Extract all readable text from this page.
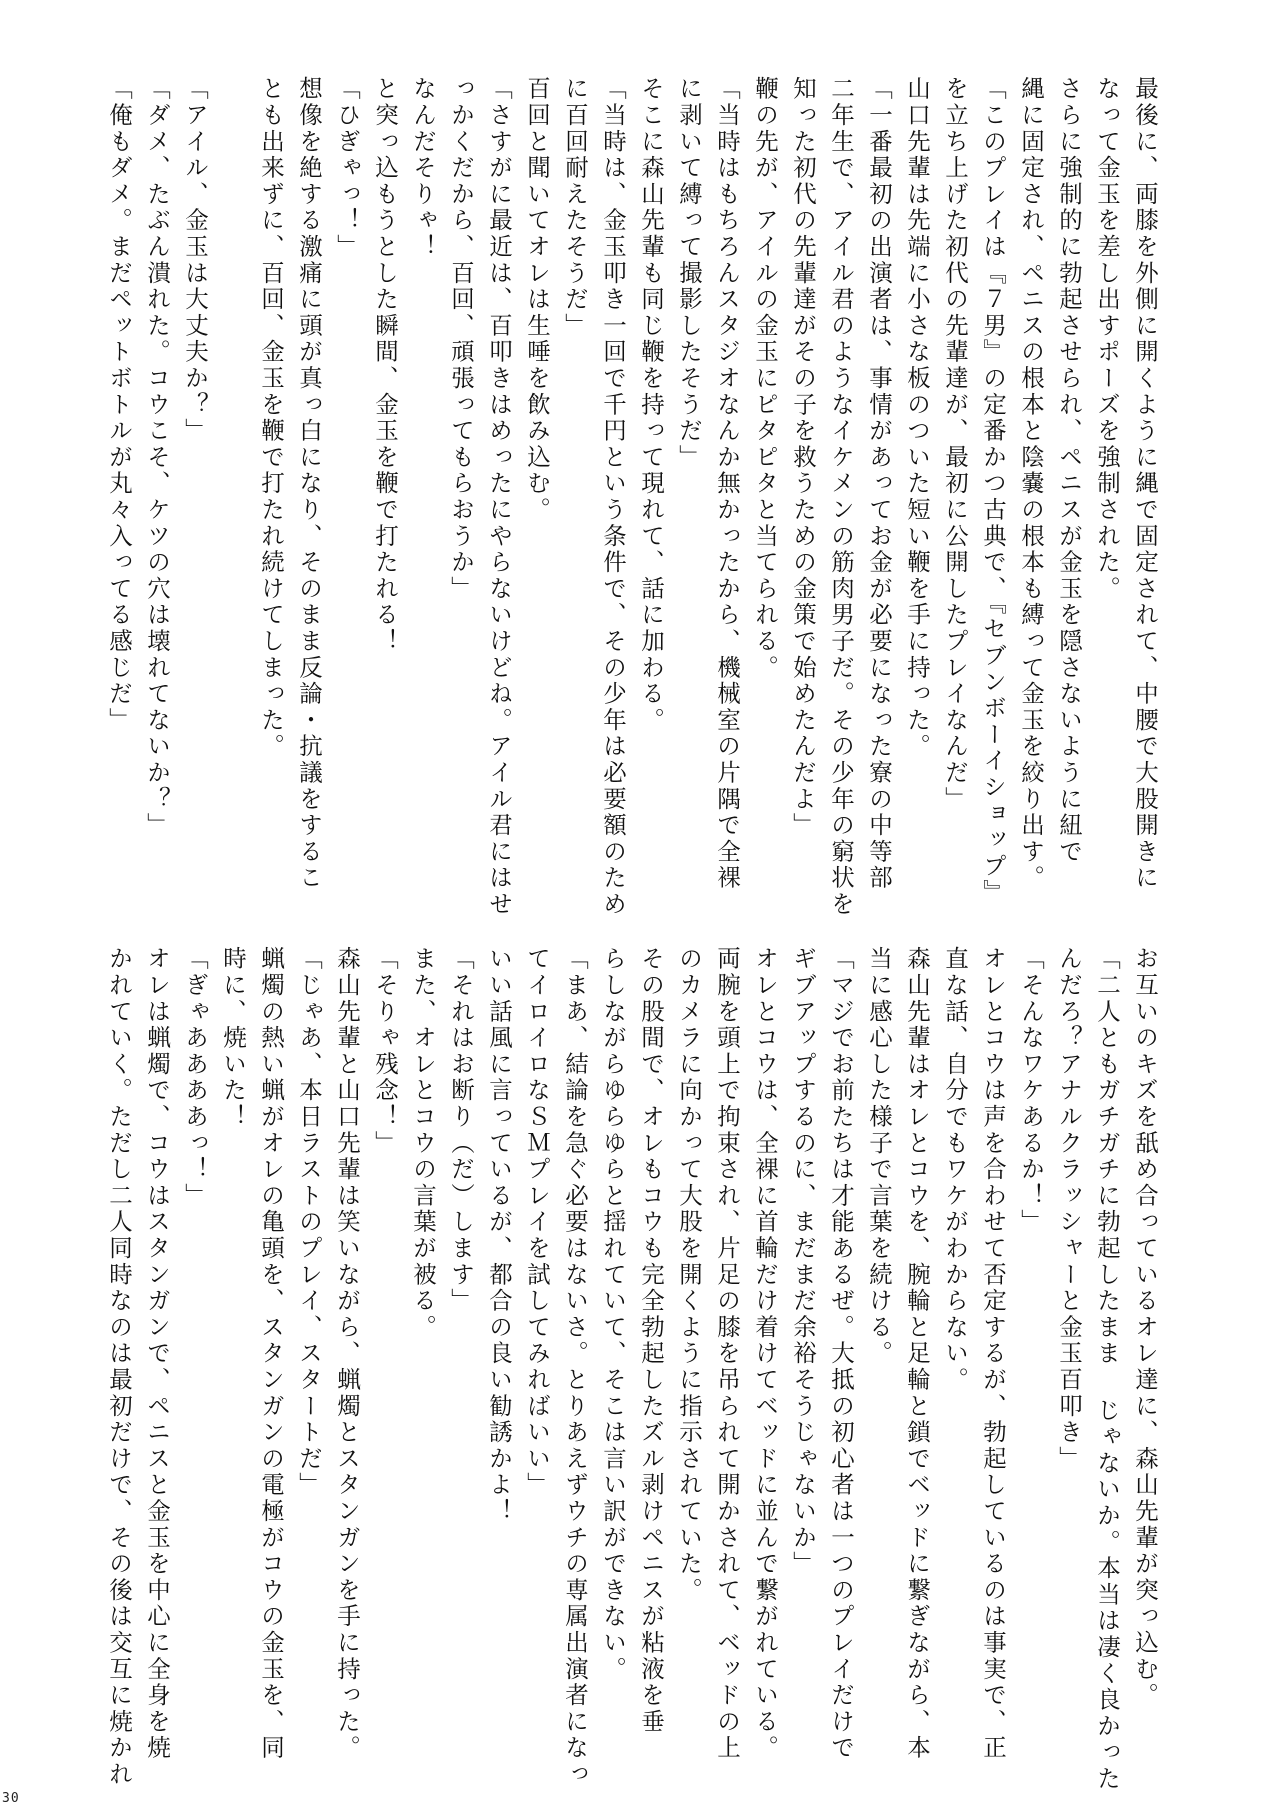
最後に、両膝を外側に開くように縄で固定されて、中腰で大股開きに

なって金玉を差し出すポーズを強制された。

さらに強制的に勃起させられ、ペニスが金玉を隠さないように紐で

縄に固定され、ペニスの根本と陰嚢の根本も縛って金玉を絞り出す。

「このプレイは『７男』の定番かつ古典で、『セブンボーイショップ』

を立ち上げた初代の先輩達が、最初に公開したプレイなんだ」

山口先輩は先端に小さな板のついた短い鞭を手に持った。

「一番最初の出演者は、事情があってお金が必要になった寮の中等部

二年生で、アイル君のようなイケメンの筋肉男子だ。その少年の窮状を

知った初代の先輩達がその子を救うための金策で始めたんだよ」

鞭の先が、アイルの金玉にピタピタと当てられる。

「当時はもちろんスタジオなんか無かったから、機械室の片隅で全裸

に剥いて縛って撮影したそうだ」

そこに森山先輩も同じ鞭を持って現れて、話に加わる。

「当時は、金玉叩き一回で千円という条件で、その少年は必要額のため

に百回耐えたそうだ」

百回と聞いてオレは生唾を飲み込む。

「さすがに最近は、百叩きはめったにやらないけどね。アイル君にはせ

っかくだから、百回、頑張ってもらおうか」

なんだそりゃ！

と突っ込もうとした瞬間、金玉を鞭で打たれる！

「ひぎゃっ！」

想像を絶する激痛に頭が真っ白になり、そのまま反論・抗議をするこ

とも出来ずに、百回、金玉を鞭で打たれ続けてしまった。

「アイル、金玉は大丈夫か？」

「ダメ、たぶん潰れた。コウこそ、ケツの穴は壊れてないか？」

「俺もダメ。まだペットボトルが丸々入ってる感じだ」

お互いのキズを舐め合っているオレ達に、森山先輩が突っ込む。

「二人ともガチガチに勃起したまま じゃないか。本当は凄く良かった

んだろ？アナルクラッシャーと金玉百叩き」

「そんなワケあるか！」

オレとコウは声を合わせて否定するが、勃起しているのは事実で、正

直な話、自分でもワケがわからない。

森山先輩はオレとコウを、腕輪と足輪と鎖でベッドに繋ぎながら、本

当に感心した様子で言葉を続ける。

「マジでお前たちは才能あるぜ。大抵の初心者は一つのプレイだけで

ギブアップするのに、まだまだ余裕そうじゃないか」

オレとコウは、全裸に首輪だけ着けてベッドに並んで繋がれている。

両腕を頭上で拘束され、片足の膝を吊られて開かされて、ベッドの上

のカメラに向かって大股を開くように指示されていた。

その股間で、オレもコウも完全勃起したズル剥けペニスが粘液を垂

らしながらゆらゆらと揺れていて、そこは言い訳ができない。

「まあ、結論を急ぐ必要はないさ。とりあえずウチの専属出演者になっ

てイロイロなＳＭプレイを試してみればいい」

いい話風に言っているが、都合の良い勧誘かよ！

「それはお断り（だ）します」

また、オレとコウの言葉が被る。

「そりゃ残念！」

森山先輩と山口先輩は笑いながら、蝋燭とスタンガンを手に持った。

「じゃあ、本日ラストのプレイ、スタートだ」

蝋燭の熱い蝋がオレの亀頭を、スタンガンの電極がコウの金玉を、同

時に、焼いた！

「ぎゃああああっ！」

オレは蝋燭で、コウはスタンガンで、ペニスと金玉を中心に全身を焼

かれていく。ただし二人同時なのは最初だけで、その後は交互に焼かれ

30
